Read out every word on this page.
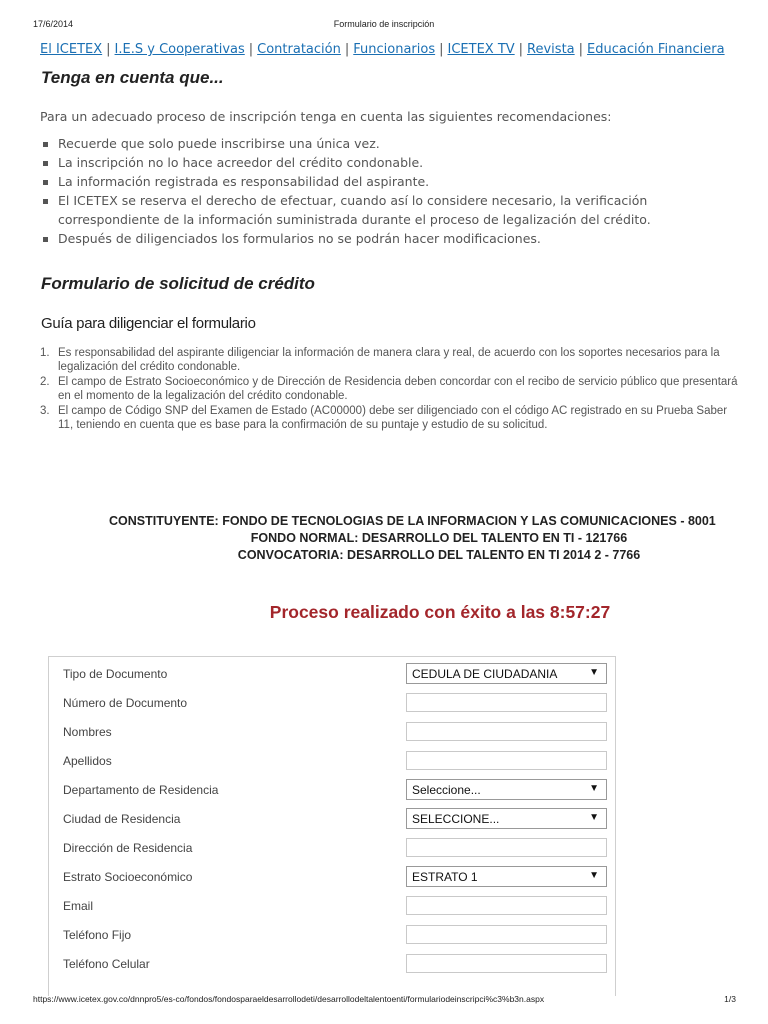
17/6/2014	Formulario de inscripción
El ICETEX | I.E.S y Cooperativas | Contratación | Funcionarios | ICETEX TV | Revista | Educación Financiera
Tenga en cuenta que...
Para un adecuado proceso de inscripción tenga en cuenta las siguientes recomendaciones:
Recuerde que solo puede inscribirse una única vez.
La inscripción no lo hace acreedor del crédito condonable.
La información registrada es responsabilidad del aspirante.
El ICETEX se reserva el derecho de efectuar, cuando así lo considere necesario, la verificación correspondiente de la información suministrada durante el proceso de legalización del crédito.
Después de diligenciados los formularios no se podrán hacer modificaciones.
Formulario de solicitud de crédito
Guía para diligenciar el formulario
1. Es responsabilidad del aspirante diligenciar la información de manera clara y real, de acuerdo con los soportes necesarios para la legalización del crédito condonable.
2. El campo de Estrato Socioeconómico y de Dirección de Residencia deben concordar con el recibo de servicio público que presentará en el momento de la legalización del crédito condonable.
3. El campo de Código SNP del Examen de Estado (AC00000) debe ser diligenciado con el código AC registrado en su Prueba Saber 11, teniendo en cuenta que es base para la confirmación de su puntaje y estudio de su solicitud.
CONSTITUYENTE: FONDO DE TECNOLOGIAS DE LA INFORMACION Y LAS COMUNICACIONES - 8001
FONDO NORMAL: DESARROLLO DEL TALENTO EN TI - 121766
CONVOCATORIA: DESARROLLO DEL TALENTO EN TI 2014 2 - 7766
Proceso realizado con éxito a las 8:57:27
Tipo de Documento	CEDULA DE CIUDADANIA	▼
Número de Documento
Nombres
Apellidos
Departamento de Residencia	Seleccione...	▼
Ciudad de Residencia	SELECCIONE...	▼
Dirección de Residencia
Estrato Socioeconómico	ESTRATO 1	▼
Email
Teléfono Fijo
Teléfono Celular
https://www.icetex.gov.co/dnnpro5/es-co/fondos/fondosparaeldesarrollodeti/desarrollodeltalentoenti/formulariodeinscripci%c3%b3n.aspx	1/3
